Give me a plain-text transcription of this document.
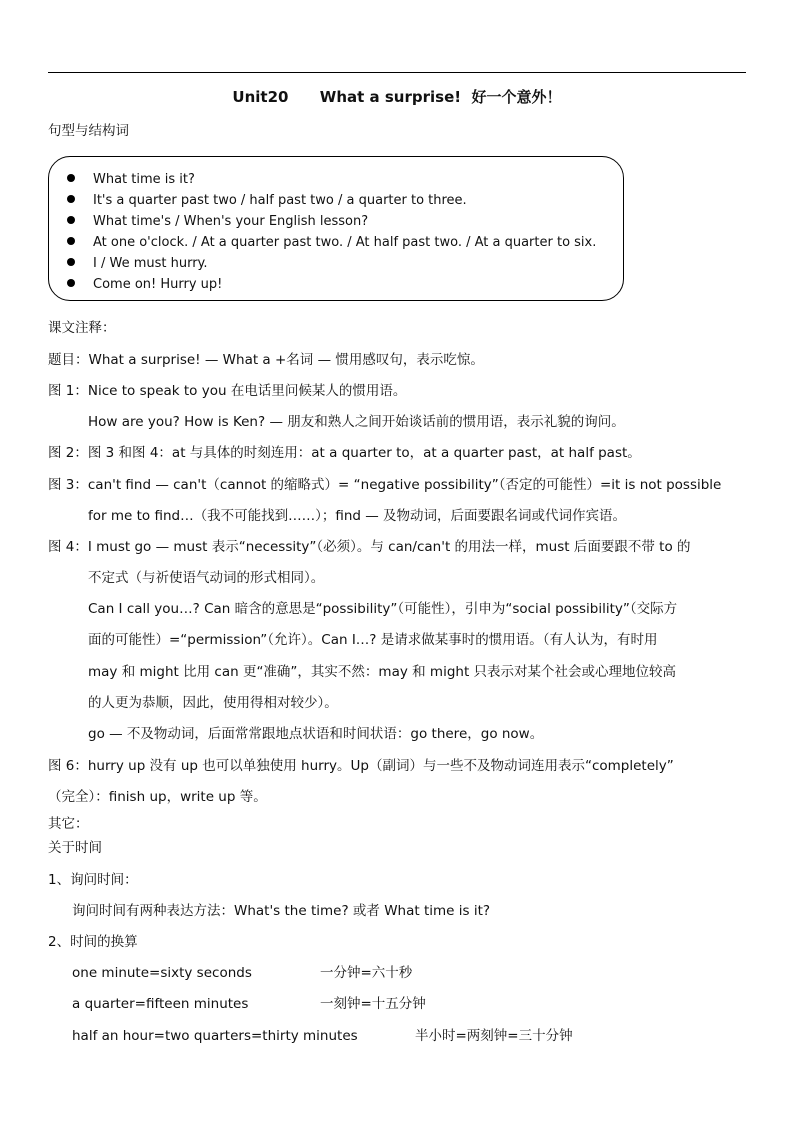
Unit20      What a surprise!  好一个意外！
句型与结构词
What time is it?
It's a quarter past two / half past two / a quarter to three.
What time's / When's your English lesson?
At one o'clock. / At a quarter past two. / At half past two. / At a quarter to six.
I / We must hurry.
Come on! Hurry up!
课文注释：
题目：What a surprise! — What a +名词 — 惯用感叹句，表示吃惊。
图 1：Nice to speak to you 在电话里问候某人的惯用语。
How are you? How is Ken? — 朋友和熟人之间开始谈话前的惯用语，表示礼貌的询问。
图 2：图 3 和图 4：at 与具体的时刻连用：at a quarter to，at a quarter past，at half past。
图 3：can't find — can't（cannot 的缩略式）= “negative possibility”（否定的可能性）=it is not possible
for me to find…（我不可能找到……）；find — 及物动词，后面要跟名词或代词作宾语。
图 4：I must go — must 表示“necessity”（必须）。与 can/can't 的用法一样，must 后面要跟不带 to 的
不定式（与祈使语气动词的形式相同）。
Can I call you…? Can 暗含的意思是“possibility”（可能性），引申为“social possibility”（交际方
面的可能性）=“permission”（允许）。Can I…? 是请求做某事时的惯用语。（有人认为，有时用
may 和 might 比用 can 更“准确”，其实不然：may 和 might 只表示对某个社会或心理地位较高
的人更为恭顺，因此，使用得相对较少）。
go — 不及物动词，后面常常跟地点状语和时间状语：go there，go now。
图 6：hurry up 没有 up 也可以单独使用 hurry。Up（副词）与一些不及物动词连用表示“completely”
（完全）：finish up，write up 等。
其它：
关于时间
1、询问时间：
询问时间有两种表达方法：What's the time? 或者 What time is it?
2、时间的换算
one minute=sixty seconds	一分钟=六十秒
a quarter=fifteen minutes	一刻钟=十五分钟
half an hour=two quarters=thirty minutes	半小时=两刻钟=三十分钟
